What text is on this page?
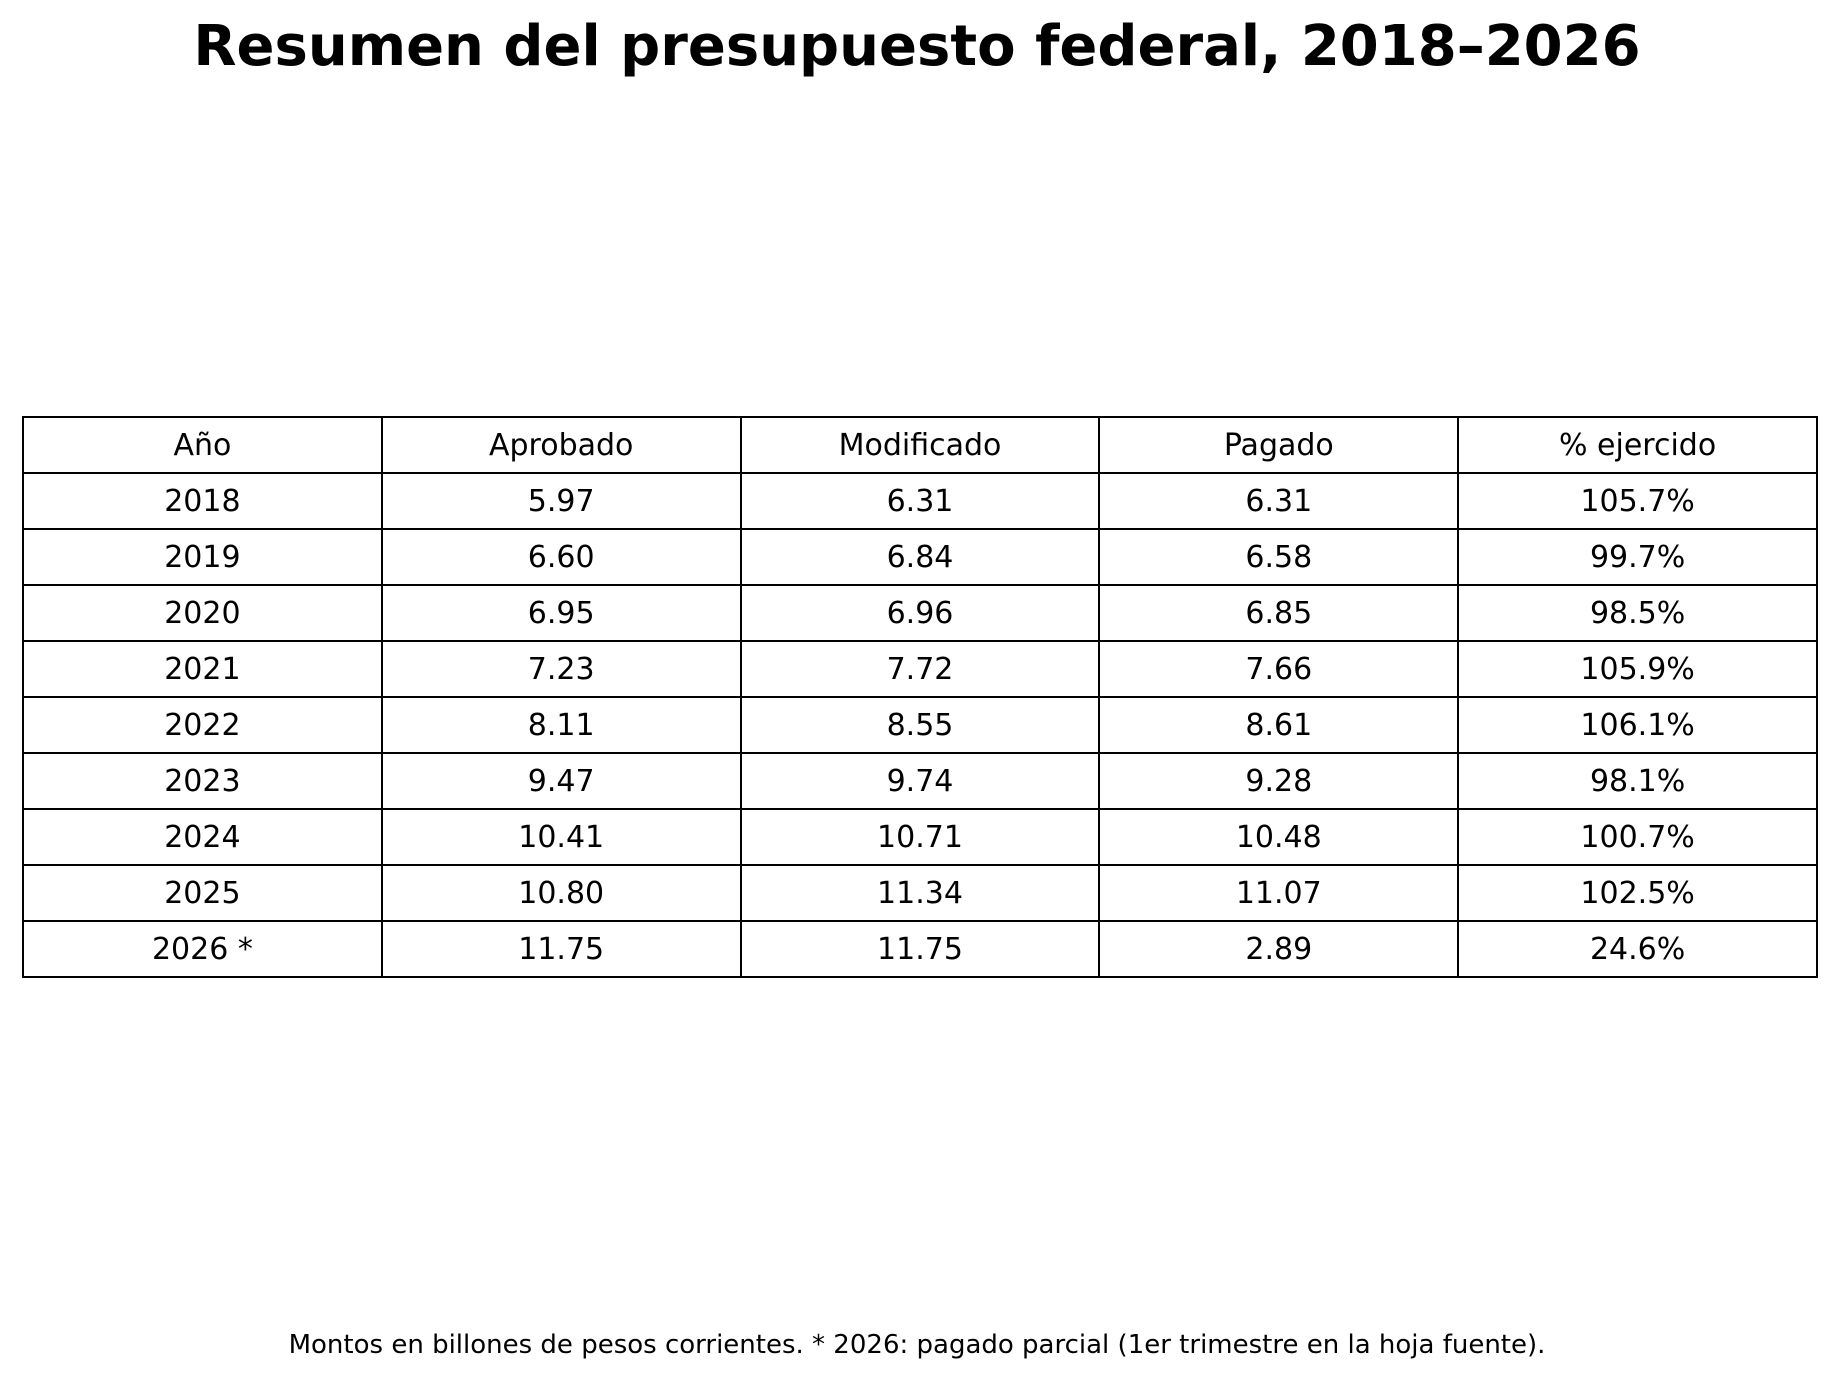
Resumen del presupuesto federal, 2018–2026
Año	Aprobado	Modificado	Pagado	% ejercido
2018	5.97	6.31	6.31	105.7%
2019	6.60	6.84	6.58	99.7%
2020	6.95	6.96	6.85	98.5%
2021	7.23	7.72	7.66	105.9%
2022	8.11	8.55	8.61	106.1%
2023	9.47	9.74	9.28	98.1%
2024	10.41	10.71	10.48	100.7%
2025	10.80	11.34	11.07	102.5%
2026 *	11.75	11.75	2.89	24.6%
Montos en billones de pesos corrientes. * 2026: pagado parcial (1er trimestre en la hoja fuente).
